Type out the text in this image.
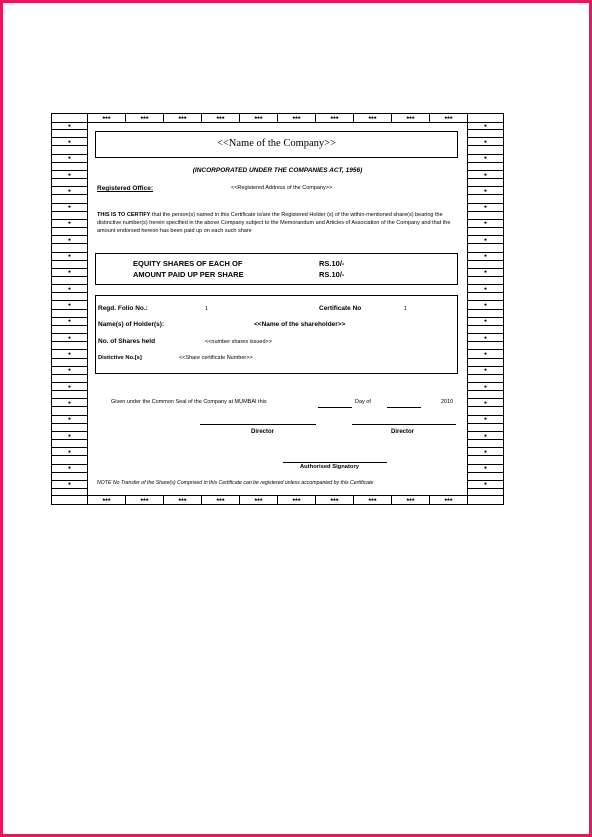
♠♠♠	♠♠♠	♠♠♠	♠♠♠	♠♠♠	♠♠♠	♠♠♠	♠♠♠	♠♠♠	♠♠♠
♠
♠
♠
♠
♠
♠
♠
♠
♠
♠
♠
♠
♠
♠
♠
♠
♠
♠
♠
♠
♠
♠
♠
♠
♠
♠
♠
♠
♠
♠
♠
♠
♠
♠
♠
♠
♠
♠
♠
♠
♠
♠
♠
♠
♠
♠
<<Name of the Company>>
(INCORPORATED UNDER THE COMPANIES ACT, 1956)
Registered Office:	<<Registered Address of the Company>>
THIS IS TO CERTIFY that the person(s) named in this Certificate is/are the Registered Holder (s) of the within-mentioned share(s) bearing the distinctive number(s) herein specified in the above Company subject to the Memorandum and Articles of Association of the Company and that the amount endorsed hereon has been paid up on each such share
EQUITY SHARES OF EACH OF	RS.10/-
AMOUNT PAID UP PER SHARE	RS.10/-
Regd. Folio No.:	1	Certificate No	1
Name(s) of Holder(s):	<<Name of the shareholder>>
No. of Shares held	<<number shares issued>>
Distictive No.[s]	<<Share certificate Number>>
Given under the Common Seal of the Company at MUMBAI this	Day of	2010
Director	Director
Authorised Signatory
NOTE No Transfer of the Share(s) Comprised in this Certificate can be registered unless accompanied by this Certificate
♠♠♠	♠♠♠	♠♠♠	♠♠♠	♠♠♠	♠♠♠	♠♠♠	♠♠♠	♠♠♠	♠♠♠
